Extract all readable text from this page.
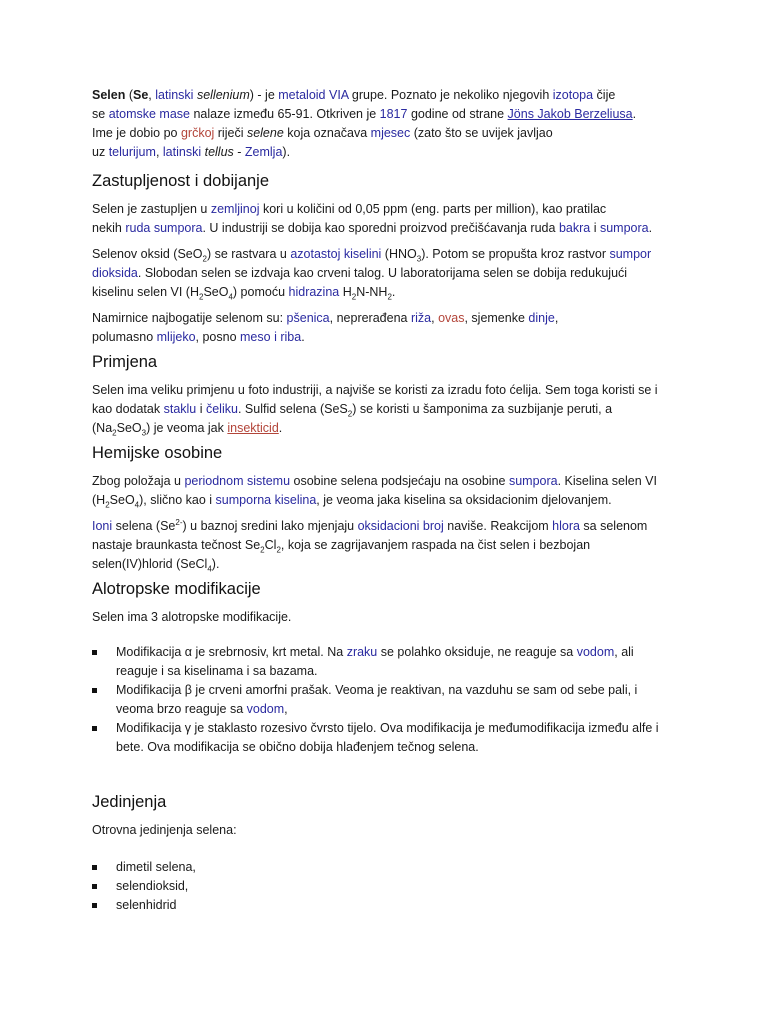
Selen (Se, latinski sellenium) - je metaloid VIA grupe. Poznato je nekoliko njegovih izotopa čije
se atomske mase nalaze između 65-91. Otkriven je 1817 godine od strane Jöns Jakob Berzeliusa.
Ime je dobio po grčkoj riječi selene koja označava mjesec (zato što se uvijek javljao
uz telurijum, latinski tellus - Zemlja).

Zastupljenost i dobijanje

Selen je zastupljen u zemljinoj kori u količini od 0,05 ppm (eng. parts per million), kao pratilac
nekih ruda sumpora. U industriji se dobija kao sporedni proizvod prečišćavanja ruda bakra i sumpora.

Selenov oksid (SeO$_2$) se rastvara u azotastoj kiselini $(HNO_3)$. Potom se propušta kroz rastvor sumpor
dioksida. Slobodan selen se izdvaja kao crveni talog. U laboratorijama selen se dobija redukujući
kiselinu selen VI $(H_2SeO_4)$ pomoću hidrazina $H_2N-NH_2$.

Namirnice najbogatije selenom su: pšenica, neprerađena riža, ovas, sjemenke dinje,
polumasno mlijeko, posno meso i riba.

Primjena

Selen ima veliku primjenu u foto industriji, a najviše se koristi za izradu foto ćelija. Sem toga koristi se i
kao dodatak staklu i čeliku. Sulfid selena (SeS$_2$) se koristi u šamponima za suzbijanje peruti, a
$(Na_2SeO_3)$ je veoma jak insekticid.

Hemijske osobine

Zbog položaja u periodnom sistemu osobine selena podsjećaju na osobine sumpora. Kiselina selen VI
$(H_2SeO_4)$, slično kao i sumporna kiselina, je veoma jaka kiselina sa oksidacionim djelovanjem.

Ioni selena $(Se^{2-})$ u baznoj sredini lako mjenjaju oksidacioni broj naviše. Reakcijom hlora sa selenom
nastaje braunkasta tečnost $Se_2Cl_2$, koja se zagrijavanjem raspada na čist selen i bezbojan
selen(IV)hlorid (SeCl$_4$).

Alotropske modifikacije

Selen ima 3 alotropske modifikacije.

Modifikacija α je srebrnosiv, krt metal. Na zraku se polahko oksiduje, ne reaguje sa vodom, ali
reaguje i sa kiselinama i sa bazama.
Modifikacija β je crveni amorfni prašak. Veoma je reaktivan, na vazduhu se sam od sebe pali, i
veoma brzo reaguje sa vodom,
Modifikacija γ je staklasto rozesivo čvrsto tijelo. Ova modifikacija je međumodifikacija između alfe i
bete. Ova modifikacija se obično dobija hlađenjem tečnog selena.
Jedinjenja

Otrovna jedinjenja selena:

dimetil selena,
selendioksid,
selenhidrid
